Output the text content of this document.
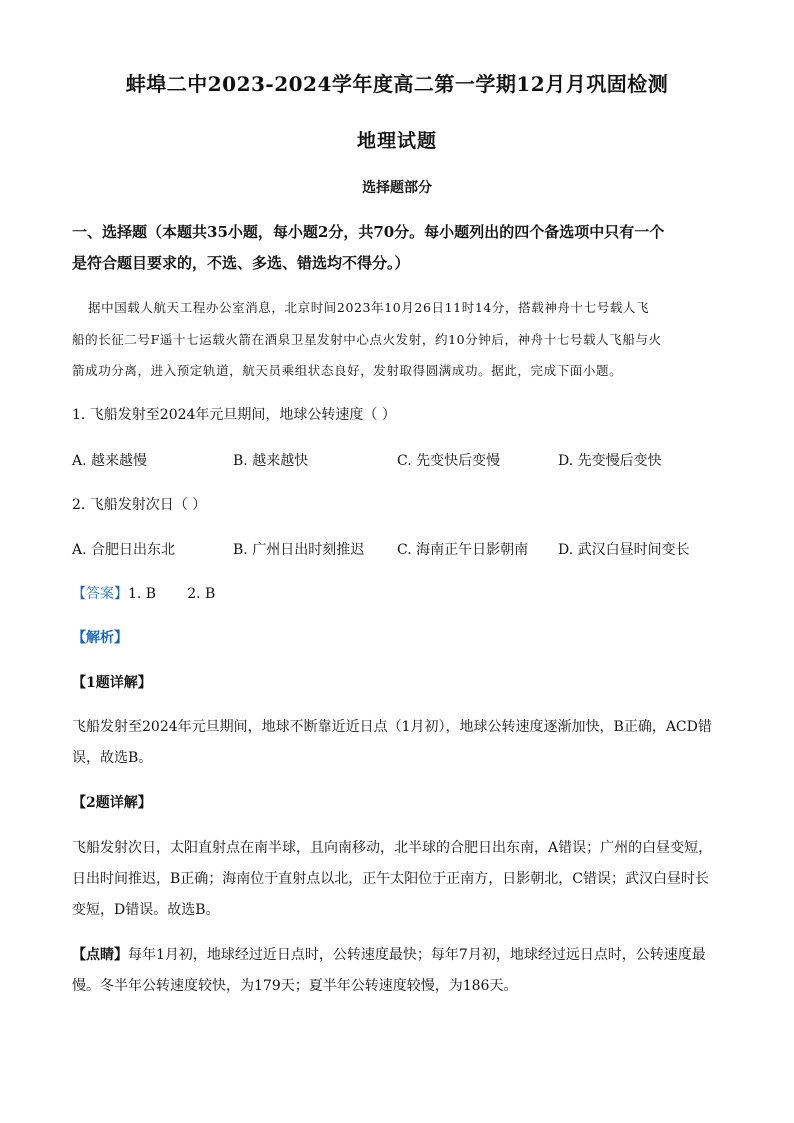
蚌埠二中2023-2024学年度高二第一学期12月月巩固检测
地理试题
选择题部分
一、选择题（本题共35小题，每小题2分，共70分。每小题列出的四个备选项中只有一个
是符合题目要求的，不选、多选、错选均不得分。）
据中国载人航天工程办公室消息，北京时间2023年10月26日11时14分，搭载神舟十七号载人飞
船的长征二号F遥十七运载火箭在酒泉卫星发射中心点火发射，约10分钟后，神舟十七号载人飞船与火
箭成功分离，进入预定轨道，航天员乘组状态良好，发射取得圆满成功。据此，完成下面小题。
1. 飞船发射至2024年元旦期间，地球公转速度（ ）
A. 越来越慢	B. 越来越快	C. 先变快后变慢	D. 先变慢后变快
2. 飞船发射次日（ ）
A. 合肥日出东北	B. 广州日出时刻推迟 C. 海南正午日影朝南 D. 武汉白昼时间变长
【答案】1. B       2. B
【解析】
【1题详解】
飞船发射至2024年元旦期间，地球不断靠近近日点（1月初），地球公转速度逐渐加快，B正确，ACD错
误，故选B。
【2题详解】
飞船发射次日，太阳直射点在南半球，且向南移动，北半球的合肥日出东南，A错误；广州的白昼变短，
日出时间推迟，B正确；海南位于直射点以北，正午太阳位于正南方，日影朝北，C错误；武汉白昼时长
变短，D错误。故选B。
【点睛】每年1月初，地球经过近日点时，公转速度最快；每年7月初，地球经过远日点时，公转速度最
慢。冬半年公转速度较快，为179天；夏半年公转速度较慢，为186天。
